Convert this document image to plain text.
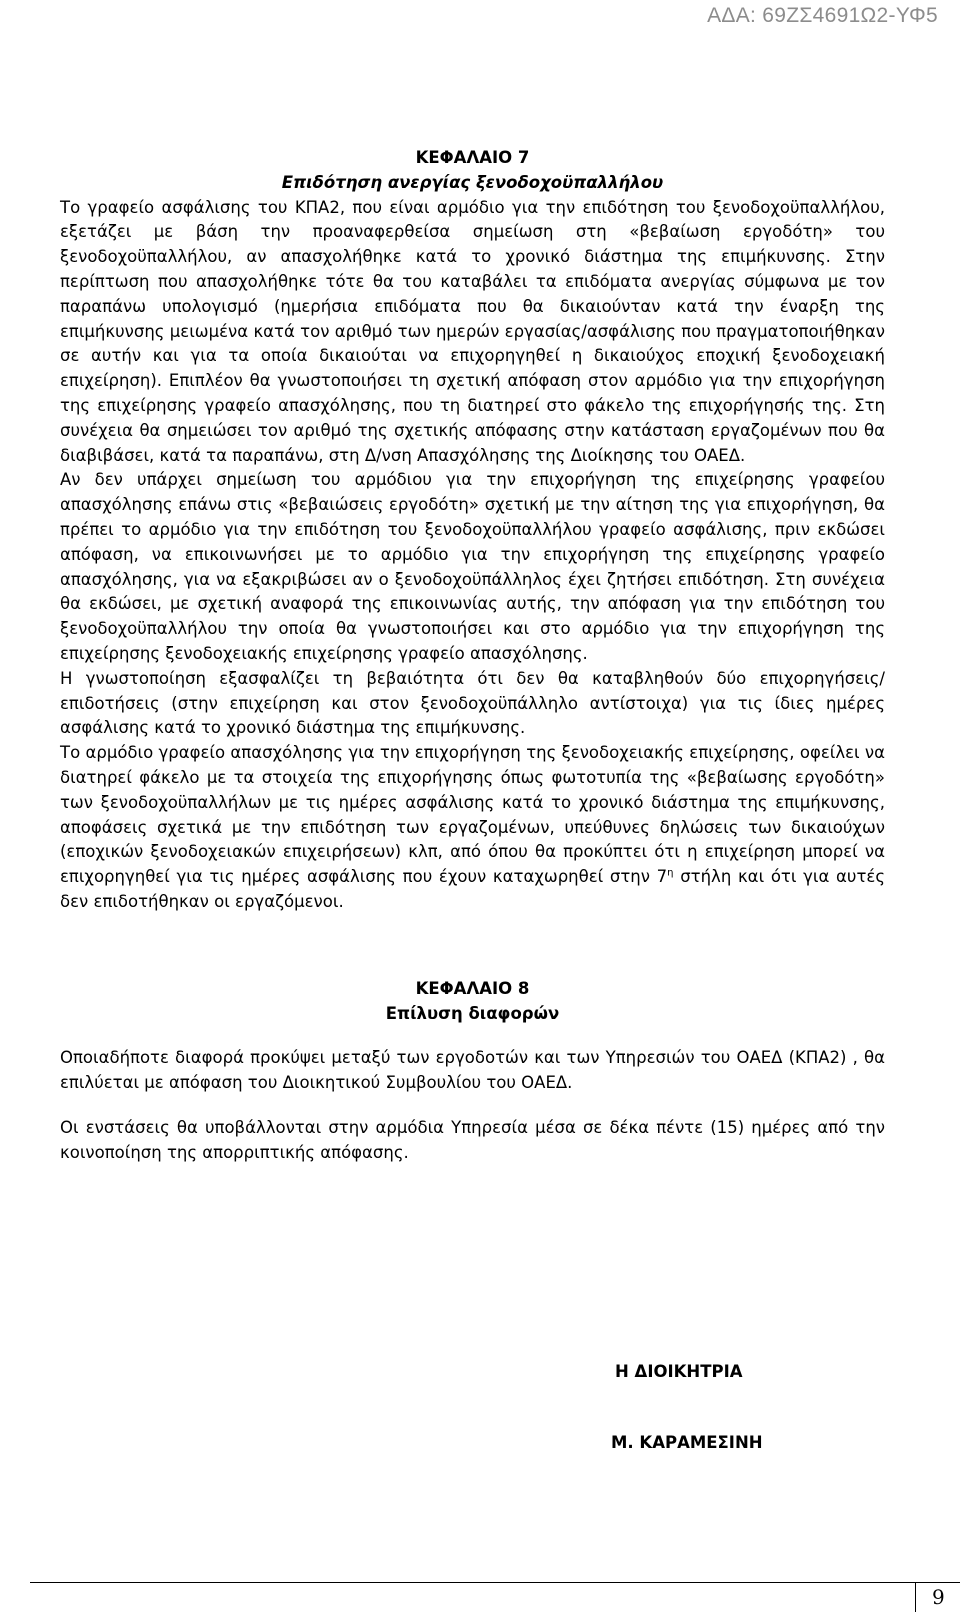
ΑΔΑ: 69ΖΣ4691Ω2-ΥΦ5
ΚΕΦΑΛΑΙΟ 7
Επιδότηση ανεργίας ξενοδοχοϋπαλλήλου

Το γραφείο ασφάλισης του ΚΠΑ2, που είναι αρμόδιο για την επιδότηση του ξενοδοχοϋπαλλήλου, εξετάζει με βάση την προαναφερθείσα σημείωση στη «βεβαίωση εργοδότη» του ξενοδοχοϋπαλλήλου, αν απασχολήθηκε κατά το χρονικό διάστημα της επιμήκυνσης. Στην περίπτωση που απασχολήθηκε τότε θα του καταβάλει τα επιδόματα ανεργίας σύμφωνα με τον παραπάνω υπολογισμό (ημερήσια επιδόματα που θα δικαιούνταν κατά την έναρξη της επιμήκυνσης μειωμένα κατά τον αριθμό των ημερών εργασίας/ασφάλισης που πραγματοποιήθηκαν σε αυτήν και για τα οποία δικαιούται να επιχορηγηθεί η δικαιούχος εποχική ξενοδοχειακή επιχείρηση). Επιπλέον θα γνωστοποιήσει τη σχετική απόφαση στον αρμόδιο για την επιχορήγηση της επιχείρησης γραφείο απασχόλησης, που τη διατηρεί στο φάκελο της επιχορήγησής της. Στη συνέχεια θα σημειώσει τον αριθμό της σχετικής απόφασης στην κατάσταση εργαζομένων που θα διαβιβάσει, κατά τα παραπάνω, στη Δ/νση Απασχόλησης της Διοίκησης του ΟΑΕΔ.

Αν δεν υπάρχει σημείωση του αρμόδιου για την επιχορήγηση της επιχείρησης γραφείου απασχόλησης επάνω στις «βεβαιώσεις εργοδότη» σχετική με την αίτηση της για επιχορήγηση, θα πρέπει το αρμόδιο για την επιδότηση του ξενοδοχοϋπαλλήλου γραφείο ασφάλισης, πριν εκδώσει απόφαση, να επικοινωνήσει με το αρμόδιο για την επιχορήγηση της επιχείρησης γραφείο απασχόλησης, για να εξακριβώσει αν ο ξενοδοχοϋπάλληλος έχει ζητήσει επιδότηση. Στη συνέχεια θα εκδώσει, με σχετική αναφορά της επικοινωνίας αυτής, την απόφαση για την επιδότηση του ξενοδοχοϋπαλλήλου την οποία θα γνωστοποιήσει και στο αρμόδιο για την επιχορήγηση της επιχείρησης ξενοδοχειακής επιχείρησης γραφείο απασχόλησης.

Η γνωστοποίηση εξασφαλίζει τη βεβαιότητα ότι δεν θα καταβληθούν δύο επιχορηγήσεις/επιδοτήσεις (στην επιχείρηση και στον ξενοδοχοϋπάλληλο αντίστοιχα) για τις ίδιες ημέρες ασφάλισης κατά το χρονικό διάστημα της επιμήκυνσης.

Το αρμόδιο γραφείο απασχόλησης για την επιχορήγηση της ξενοδοχειακής επιχείρησης, οφείλει να διατηρεί φάκελο με τα στοιχεία της επιχορήγησης όπως φωτοτυπία της «βεβαίωσης εργοδότη» των ξενοδοχοϋπαλλήλων με τις ημέρες ασφάλισης κατά το χρονικό διάστημα της επιμήκυνσης, αποφάσεις σχετικά με την επιδότηση των εργαζομένων, υπεύθυνες δηλώσεις των δικαιούχων (εποχικών ξενοδοχειακών επιχειρήσεων) κλπ, από όπου θα προκύπτει ότι η επιχείρηση μπορεί να επιχορηγηθεί για τις ημέρες ασφάλισης που έχουν καταχωρηθεί στην $7^\eta$ στήλη και ότι για αυτές δεν επιδοτήθηκαν οι εργαζόμενοι.

ΚΕΦΑΛΑΙΟ 8
Επίλυση διαφορών

Οποιαδήποτε διαφορά προκύψει μεταξύ των εργοδοτών και των Υπηρεσιών του ΟΑΕΔ (ΚΠΑ2) , θα επιλύεται με απόφαση του Διοικητικού Συμβουλίου του ΟΑΕΔ.

Οι ενστάσεις θα υποβάλλονται στην αρμόδια Υπηρεσία μέσα σε δέκα πέντε (15) ημέρες από την κοινοποίηση της απορριπτικής απόφασης.

Η ΔΙΟΙΚΗΤΡΙΑ
Μ. ΚΑΡΑΜΕΣΙΝΗ
9
